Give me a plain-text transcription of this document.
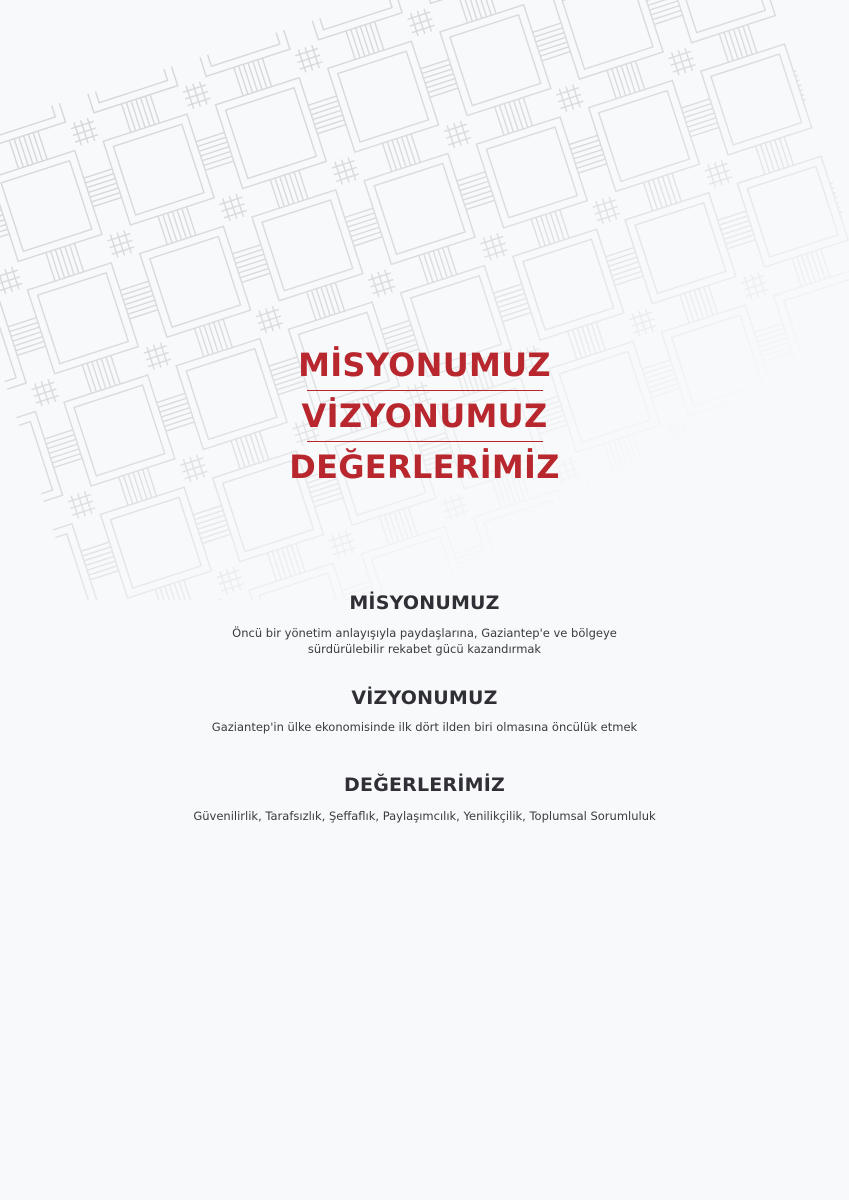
MİSYONUMUZ
VİZYONUMUZ
DEĞERLERİMİZ
MİSYONUMUZ

Öncü bir yönetim anlayışıyla paydaşlarına, Gaziantep'e ve bölgeye

sürdürülebilir rekabet gücü kazandırmak

VİZYONUMUZ

Gaziantep'in ülke ekonomisinde ilk dört ilden biri olmasına öncülük etmek

DEĞERLERİMİZ

Güvenilirlik, Tarafsızlık, Şeffaflık, Paylaşımcılık, Yenilikçilik, Toplumsal Sorumluluk
